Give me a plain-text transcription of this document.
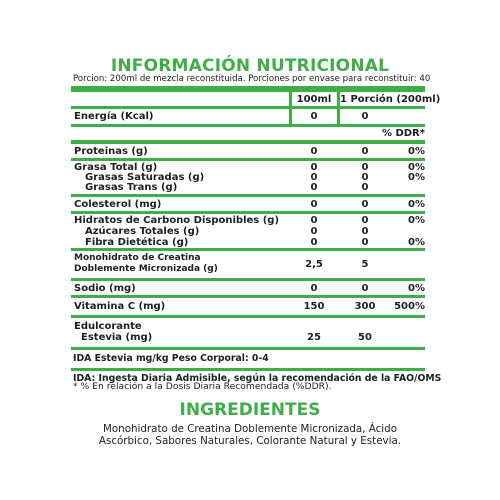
INFORMACIÓN NUTRICIONAL
Porcion: 200ml de mezcla reconstituida. Porciones por envase para reconstituir: 40
100ml 1 Porción (200ml)
Energía (Kcal)	0	0
% DDR*
Proteinas (g)	0	0	0%
Grasa Total (g)	0	0	0%
Grasas Saturadas (g)	0	0	0%
Grasas Trans (g)	0	0
Colesterol (mg)	0	0	0%
Hidratos de Carbono Disponibles (g)	0	0	0%
Azúcares Totales (g)	0	0
Fibra Dietética (g)	0	0	0%
Monohidrato de Creatina
Doblemente Micronizada (g)	2,5	5
Sodio (mg)	0	0	0%
Vitamina C (mg)	150	300	500%
Edulcorante
Estevia (mg)	25	50
IDA Estevia mg/kg Peso Corporal: 0-4
IDA: Ingesta Diaria Admisible, según la recomendación de la FAO/OMS
* % En relación a la Dosis Diaria Recomendada (%DDR).
INGREDIENTES
Monohidrato de Creatina Doblemente Micronizada, Ácido
Ascórbico, Sabores Naturales, Colorante Natural y Estevia.
